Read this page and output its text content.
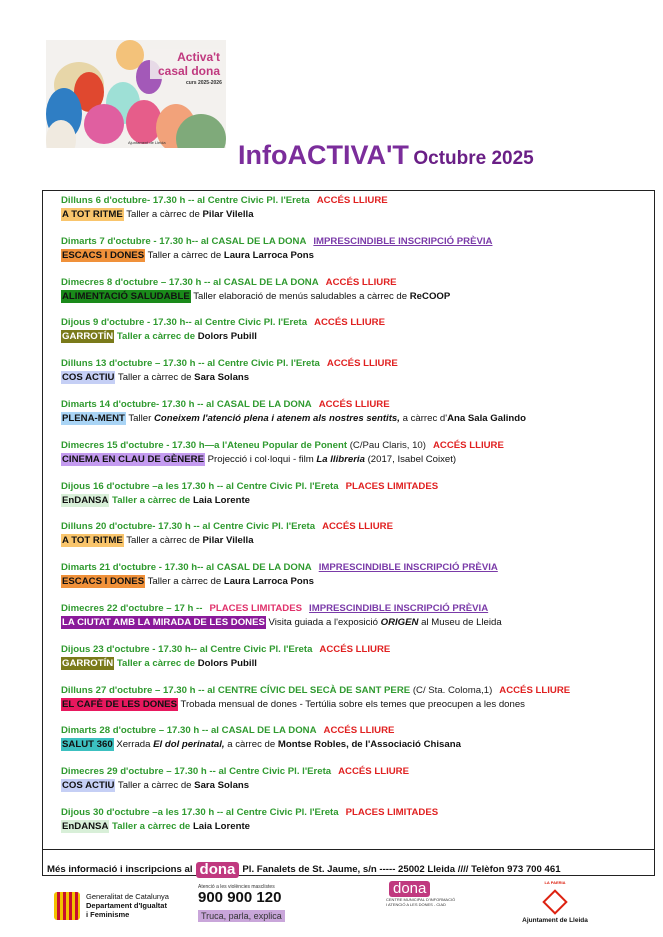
Activa't
casal dona
curs 2025-2026
Ajuntament de Lleida	InfoACTIVA'T Octubre 2025
Dilluns 6 d'octubre- 17.30 h -- al Centre Civic Pl. l'Ereta ACCÉS LLIURE
A TOT RITME Taller a càrrec de Pilar Vilella
Dimarts 7 d'octubre - 17.30 h-- al CASAL DE LA DONA IMPRESCINDIBLE INSCRIPCIÓ PRÈVIA
ESCACS I DONES Taller a càrrec de Laura Larroca Pons
Dimecres 8 d'octubre – 17.30 h -- al CASAL DE LA DONA ACCÉS LLIURE
ALIMENTACIÓ SALUDABLE Taller elaboració de menús saludables a càrrec de ReCOOP
Dijous 9 d'octubre - 17.30 h-- al Centre Civic Pl. l'Ereta ACCÉS LLIURE
GARROTÍN Taller a càrrec de Dolors Pubill
Dilluns 13 d'octubre – 17.30 h -- al Centre Civic Pl. l'Ereta ACCÉS LLIURE
COS ACTIU Taller a càrrec de Sara Solans
Dimarts 14 d'octubre- 17.30 h -- al CASAL DE LA DONA ACCÉS LLIURE
PLENA-MENT Taller Coneixem l'atenció plena i atenem als nostres sentits, a càrrec d'Ana Sala Galindo
Dimecres 15 d'octubre - 17.30 h—a l'Ateneu Popular de Ponent (C/Pau Claris, 10) ACCÉS LLIURE
CINEMA EN CLAU DE GÈNERE Projecció i col·loqui - film La llibreria (2017, Isabel Coixet)
Dijous 16 d'octubre –a les 17.30 h -- al Centre Civic Pl. l'Ereta PLACES LIMITADES
EnDANSA Taller a càrrec de Laia Lorente
Dilluns 20 d'octubre- 17.30 h -- al Centre Civic Pl. l'Ereta ACCÉS LLIURE
A TOT RITME Taller a càrrec de Pilar Vilella
Dimarts 21 d'octubre - 17.30 h-- al CASAL DE LA DONA IMPRESCINDIBLE INSCRIPCIÓ PRÈVIA
ESCACS I DONES Taller a càrrec de Laura Larroca Pons
Dimecres 22 d'octubre – 17 h -- PLACES LIMITADES IMPRESCINDIBLE INSCRIPCIÓ PRÈVIA
LA CIUTAT AMB LA MIRADA DE LES DONES Visita guiada a l'exposició ORIGEN al Museu de Lleida
Dijous 23 d'octubre - 17.30 h-- al Centre Civic Pl. l'Ereta ACCÉS LLIURE
GARROTÍN Taller a càrrec de Dolors Pubill
Dilluns 27 d'octubre – 17.30 h -- al CENTRE CÍVIC DEL SECÀ DE SANT PERE (C/ Sta. Coloma,1) ACCÉS LLIURE
EL CAFÈ DE LES DONES Trobada mensual de dones - Tertúlia sobre els temes que preocupen a les dones
Dimarts 28 d'octubre – 17.30 h -- al CASAL DE LA DONA ACCÉS LLIURE
SALUT 360 Xerrada El dol perinatal, a càrrec de Montse Robles, de l'Associació Chisana
Dimecres 29 d'octubre – 17.30 h -- al Centre Civic Pl. l'Ereta ACCÉS LLIURE
COS ACTIU Taller a càrrec de Sara Solans
Dijous 30 d'octubre –a les 17.30 h -- al Centre Civic Pl. l'Ereta PLACES LIMITADES
EnDANSA Taller a càrrec de Laia Lorente
Més informació i inscripcions al dona Pl. Fanalets de St. Jaume, s/n ----- 25002 Lleida //// Telèfon 973 700 461
Generalitat de Catalunya
Departament d'Igualtat
i Feminisme
Atenció a les violències masclistes
900 900 120
Truca, parla, explica
dona
CENTRE MUNICIPAL D'INFORMACIÓ I ATENCIÓ A LES DONES - CIAD
LA PAERIA
Ajuntament de Lleida
